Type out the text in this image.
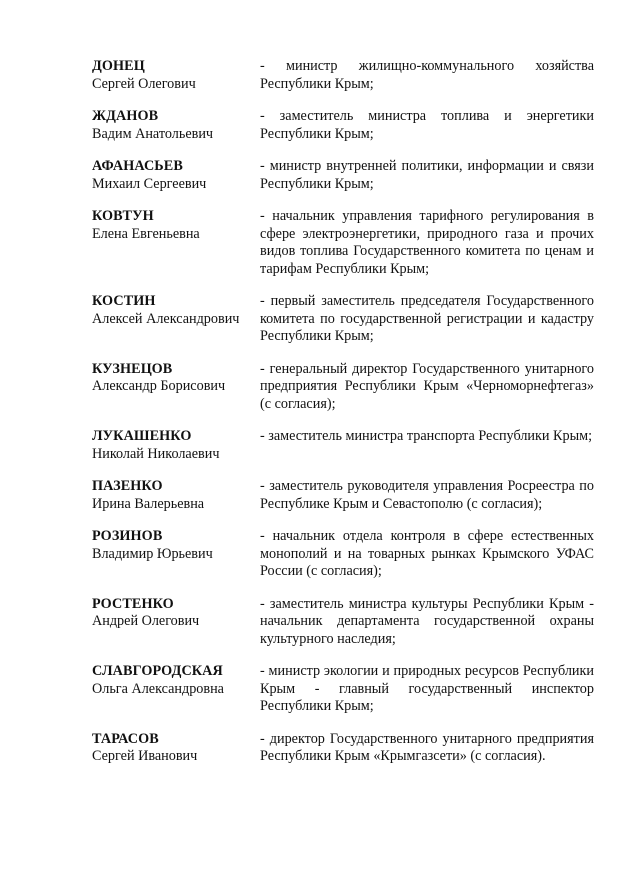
ДОНЕЦ
Сергей Олегович
- министр жилищно-коммунального хозяйства Республики Крым;
ЖДАНОВ
Вадим Анатольевич
- заместитель министра топлива и энергетики Республики Крым;
АФАНАСЬЕВ
Михаил Сергеевич
- министр внутренней политики, информации и связи Республики Крым;
КОВТУН
Елена Евгеньевна
- начальник управления тарифного регулирования в сфере электроэнергетики, природного газа и прочих видов топлива Государственного комитета по ценам и тарифам Республики Крым;
КОСТИН
Алексей Александрович
- первый заместитель председателя Государственного комитета по государственной регистрации и кадастру Республики Крым;
КУЗНЕЦОВ
Александр Борисович
- генеральный директор Государственного унитарного предприятия Республики Крым «Черноморнефтегаз» (с согласия);
ЛУКАШЕНКО
Николай Николаевич
- заместитель министра транспорта Республики Крым;
ПАЗЕНКО
Ирина Валерьевна
- заместитель руководителя управления Росреестра по Республике Крым и Севастополю (с согласия);
РОЗИНОВ
Владимир Юрьевич
- начальник отдела контроля в сфере естественных монополий и на товарных рынках Крымского УФАС России (с согласия);
РОСТЕНКО
Андрей Олегович
- заместитель министра культуры Республики Крым - начальник департамента государственной охраны культурного наследия;
СЛАВГОРОДСКАЯ
Ольга Александровна
- министр экологии и природных ресурсов Республики Крым - главный государственный инспектор Республики Крым;
ТАРАСОВ
Сергей Иванович
- директор Государственного унитарного предприятия Республики Крым «Крымгазсети» (с согласия).
